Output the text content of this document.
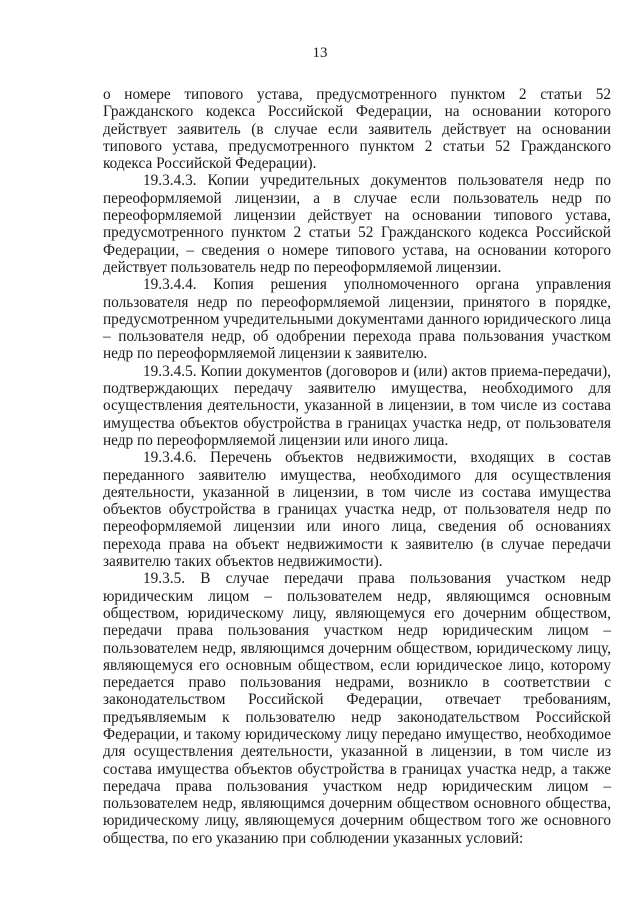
13

о номере типового устава, предусмотренного пунктом 2 статьи 52 Гражданского кодекса Российской Федерации, на основании которого действует заявитель (в случае если заявитель действует на основании типового устава, предусмотренного пунктом 2 статьи 52 Гражданского кодекса Российской Федерации).

19.3.4.3. Копии учредительных документов пользователя недр по переоформляемой лицензии, а в случае если пользователь недр по переоформляемой лицензии действует на основании типового устава, предусмотренного пунктом 2 статьи 52 Гражданского кодекса Российской Федерации, – сведения о номере типового устава, на основании которого действует пользователь недр по переоформляемой лицензии.

19.3.4.4. Копия решения уполномоченного органа управления пользователя недр по переоформляемой лицензии, принятого в порядке, предусмотренном учредительными документами данного юридического лица – пользователя недр, об одобрении перехода права пользования участком недр по переоформляемой лицензии к заявителю.

19.3.4.5. Копии документов (договоров и (или) актов приема-передачи), подтверждающих передачу заявителю имущества, необходимого для осуществления деятельности, указанной в лицензии, в том числе из состава имущества объектов обустройства в границах участка недр, от пользователя недр по переоформляемой лицензии или иного лица.

19.3.4.6. Перечень объектов недвижимости, входящих в состав переданного заявителю имущества, необходимого для осуществления деятельности, указанной в лицензии, в том числе из состава имущества объектов обустройства в границах участка недр, от пользователя недр по переоформляемой лицензии или иного лица, сведения об основаниях перехода права на объект недвижимости к заявителю (в случае передачи заявителю таких объектов недвижимости).

19.3.5. В случае передачи права пользования участком недр юридическим лицом – пользователем недр, являющимся основным обществом, юридическому лицу, являющемуся его дочерним обществом, передачи права пользования участком недр юридическим лицом – пользователем недр, являющимся дочерним обществом, юридическому лицу, являющемуся его основным обществом, если юридическое лицо, которому передается право пользования недрами, возникло в соответствии с законодательством Российской Федерации, отвечает требованиям, предъявляемым к пользователю недр законодательством Российской Федерации, и такому юридическому лицу передано имущество, необходимое для осуществления деятельности, указанной в лицензии, в том числе из состава имущества объектов обустройства в границах участка недр, а также передача права пользования участком недр юридическим лицом – пользователем недр, являющимся дочерним обществом основного общества, юридическому лицу, являющемуся дочерним обществом того же основного общества, по его указанию при соблюдении указанных условий:
